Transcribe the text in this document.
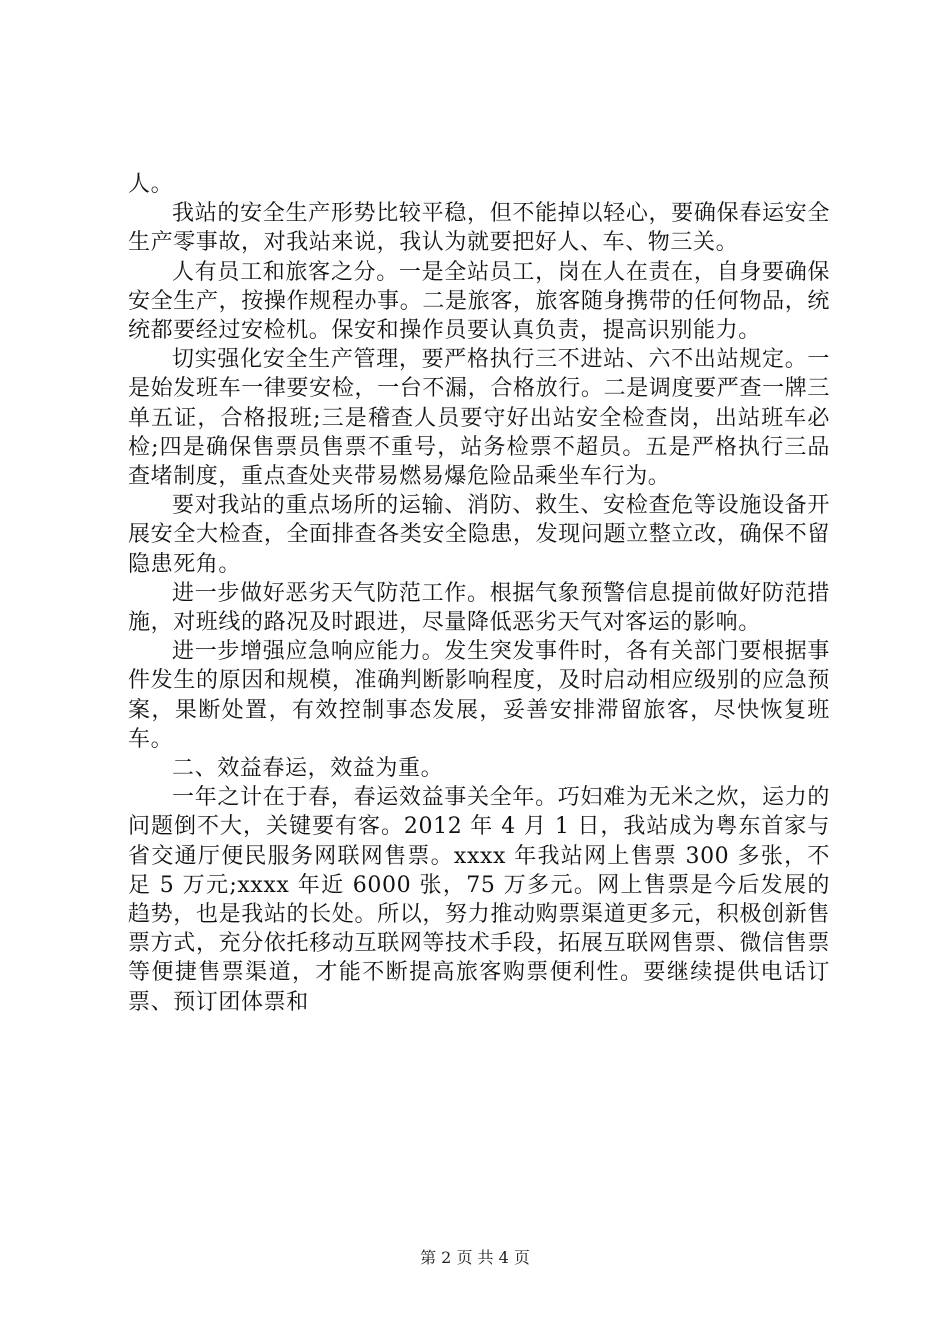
人。

我站的安全生产形势比较平稳，但不能掉以轻心，要确保春运安全生产零事故，对我站来说，我认为就要把好人、车、物三关。

人有员工和旅客之分。一是全站员工，岗在人在责在，自身要确保安全生产，按操作规程办事。二是旅客，旅客随身携带的任何物品，统统都要经过安检机。保安和操作员要认真负责，提高识别能力。

切实强化安全生产管理，要严格执行三不进站、六不出站规定。一是始发班车一律要安检，一台不漏，合格放行。二是调度要严查一牌三单五证，合格报班;三是稽查人员要守好出站安全检查岗，出站班车必检;四是确保售票员售票不重号，站务检票不超员。五是严格执行三品查堵制度，重点查处夹带易燃易爆危险品乘坐车行为。

要对我站的重点场所的运输、消防、救生、安检查危等设施设备开展安全大检查，全面排查各类安全隐患，发现问题立整立改，确保不留隐患死角。

进一步做好恶劣天气防范工作。根据气象预警信息提前做好防范措施，对班线的路况及时跟进，尽量降低恶劣天气对客运的影响。

进一步增强应急响应能力。发生突发事件时，各有关部门要根据事件发生的原因和规模，准确判断影响程度，及时启动相应级别的应急预案，果断处置，有效控制事态发展，妥善安排滞留旅客，尽快恢复班车。

二、效益春运，效益为重。

一年之计在于春，春运效益事关全年。巧妇难为无米之炊，运力的问题倒不大，关键要有客。2012 年 4 月 1 日，我站成为粤东首家与省交通厅便民服务网联网售票。xxxx 年我站网上售票 300 多张，不足 5 万元;xxxx 年近 6000 张，75 万多元。网上售票是今后发展的趋势，也是我站的长处。所以，努力推动购票渠道更多元，积极创新售票方式，充分依托移动互联网等技术手段，拓展互联网售票、微信售票等便捷售票渠道，才能不断提高旅客购票便利性。要继续提供电话订票、预订团体票和

第 2 页 共 4 页
